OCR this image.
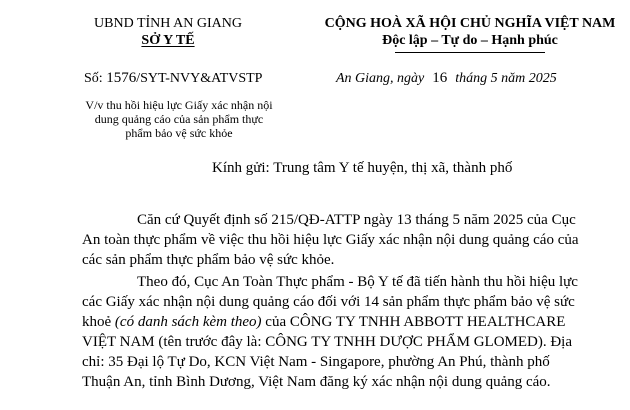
UBND TỈNH AN GIANG
SỞ Y TẾ
CỘNG HOÀ XÃ HỘI CHỦ NGHĨA VIỆT NAM
Độc lập – Tự do – Hạnh phúc
Số: 1576/SYT-NVY&ATVSTP	An Giang, ngày 16 tháng 5 năm 2025
V/v thu hồi hiệu lực Giấy xác nhận nội dung quảng cáo của sản phẩm thực phẩm bảo vệ sức khỏe
Kính gửi: Trung tâm Y tế huyện, thị xã, thành phố
Căn cứ Quyết định số 215/QĐ-ATTP ngày 13 tháng 5 năm 2025 của Cục An toàn thực phẩm về việc thu hồi hiệu lực Giấy xác nhận nội dung quảng cáo của các sản phẩm thực phẩm bảo vệ sức khỏe.
Theo đó, Cục An Toàn Thực phẩm - Bộ Y tế đã tiến hành thu hồi hiệu lực các Giấy xác nhận nội dung quảng cáo đối với 14 sản phẩm thực phẩm bảo vệ sức khoẻ (có danh sách kèm theo) của CÔNG TY TNHH ABBOTT HEALTHCARE VIỆT NAM (tên trước đây là: CÔNG TY TNHH DƯỢC PHẨM GLOMED). Địa chỉ: 35 Đại lộ Tự Do, KCN Việt Nam - Singapore, phường An Phú, thành phố Thuận An, tỉnh Bình Dương, Việt Nam đăng ký xác nhận nội dung quảng cáo.
